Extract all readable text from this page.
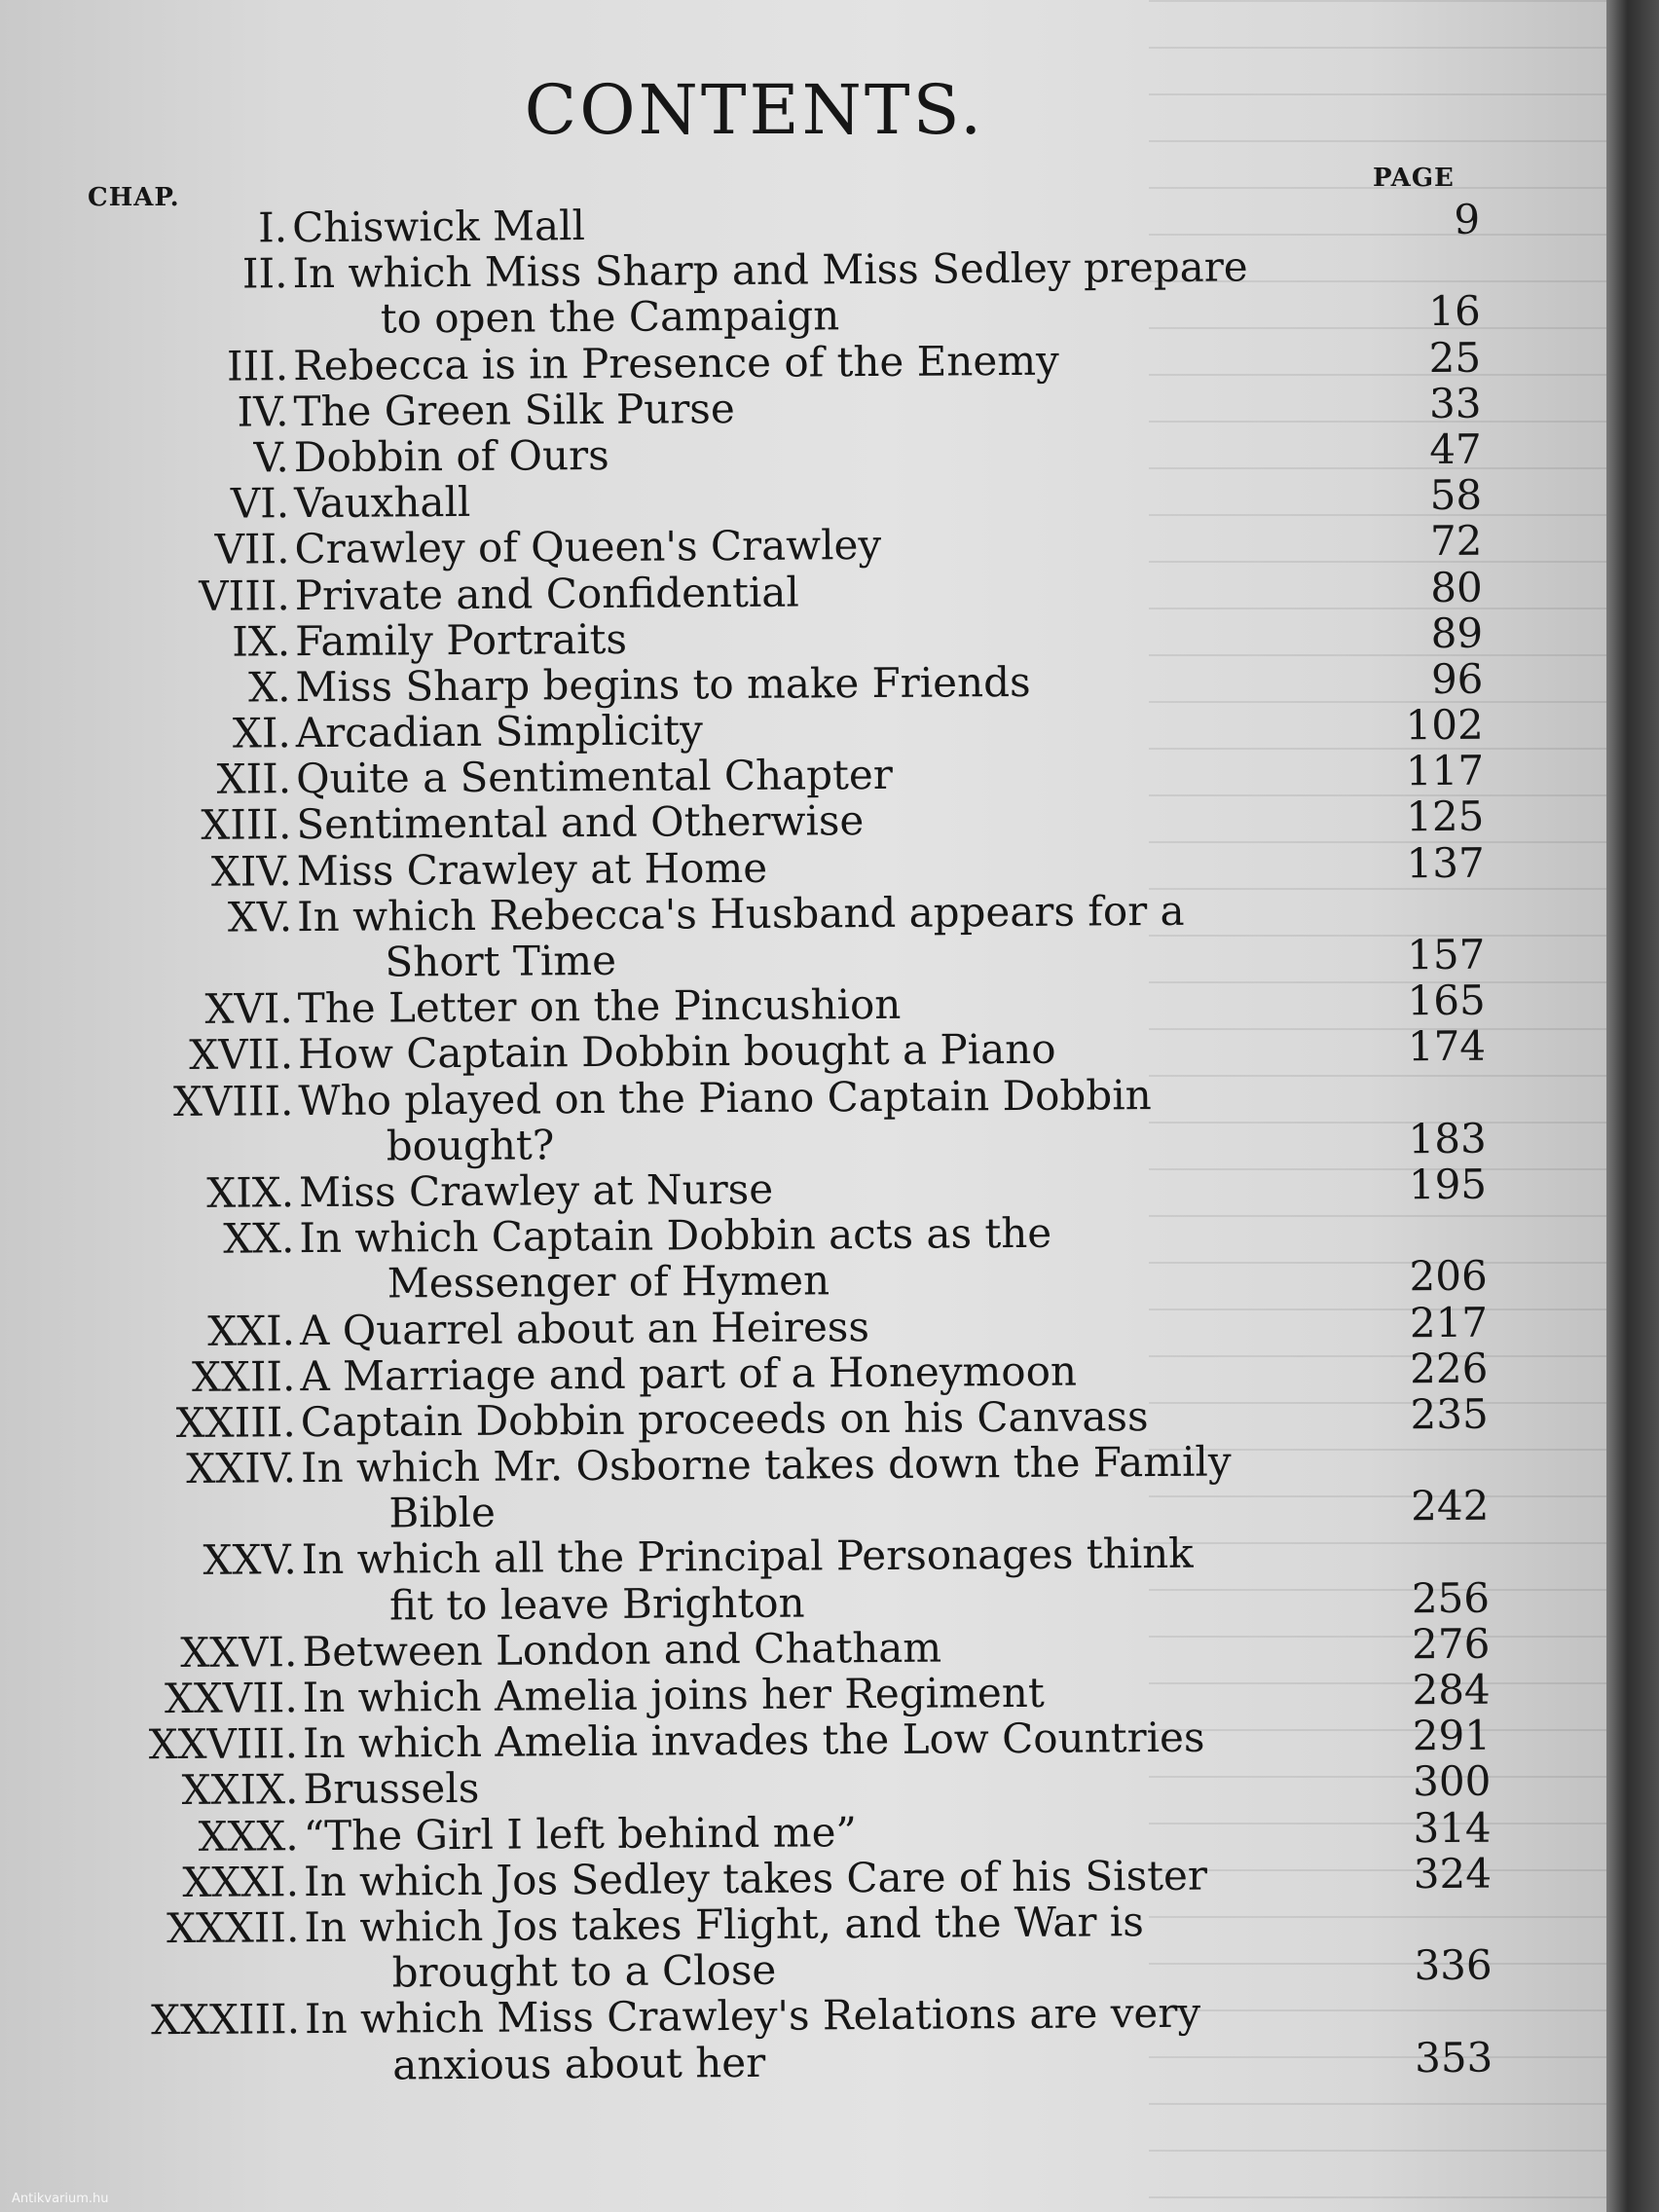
CONTENTS.
CHAP.
PAGE
I. Chiswick Mall	9
II. In which Miss Sharp and Miss Sedley prepare
to open the Campaign	16
III. Rebecca is in Presence of the Enemy	25
IV. The Green Silk Purse	33
V. Dobbin of Ours	47
VI. Vauxhall	58
VII. Crawley of Queen's Crawley	72
VIII. Private and Confidential	80
IX. Family Portraits	89
X. Miss Sharp begins to make Friends	96
XI. Arcadian Simplicity	102
XII. Quite a Sentimental Chapter	117
XIII. Sentimental and Otherwise	125
XIV. Miss Crawley at Home	137
XV. In which Rebecca's Husband appears for a
Short Time	157
XVI. The Letter on the Pincushion	165
XVII. How Captain Dobbin bought a Piano	174
XVIII. Who played on the Piano Captain Dobbin
bought?	183
XIX. Miss Crawley at Nurse	195
XX. In which Captain Dobbin acts as the
Messenger of Hymen	206
XXI. A Quarrel about an Heiress	217
XXII. A Marriage and part of a Honeymoon	226
XXIII. Captain Dobbin proceeds on his Canvass	235
XXIV. In which Mr. Osborne takes down the Family
Bible	242
XXV. In which all the Principal Personages think
fit to leave Brighton	256
XXVI. Between London and Chatham	276
XXVII. In which Amelia joins her Regiment	284
XXVIII. In which Amelia invades the Low Countries	291
XXIX. Brussels	300
XXX. “The Girl I left behind me”	314
XXXI. In which Jos Sedley takes Care of his Sister	324
XXXII. In which Jos takes Flight, and the War is
brought to a Close	336
XXXIII. In which Miss Crawley's Relations are very
anxious about her	353
Antikvarium.hu
